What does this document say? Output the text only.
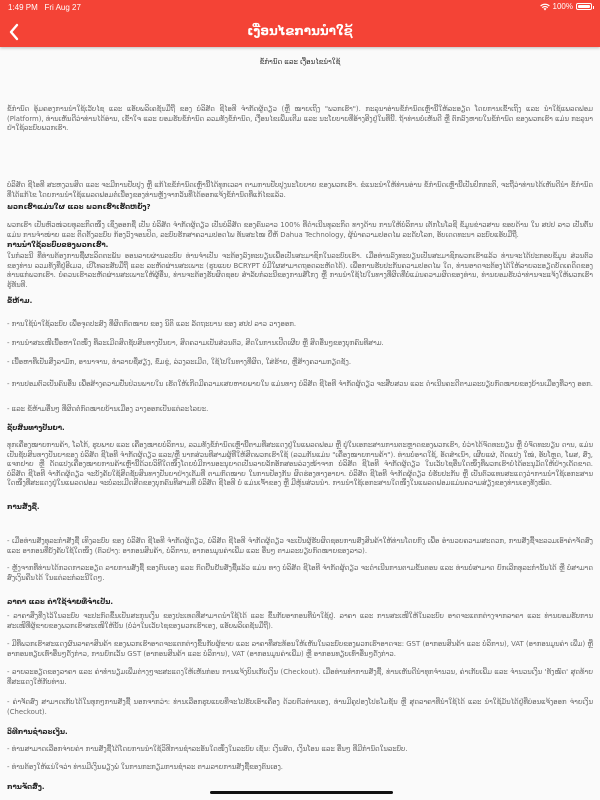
1:49 PM Fri Aug 27	100%
ເງື່ອນໄຂການນຳໃຊ້
ຂໍ້ກຳນົດ ແລະ ເງື່ອນໄຂນຳໃຊ້

ຂໍ້ກຳນົດ ອຸ້ມຄອງການນຳໃຊ້ເວັບໄຊ ແລະ ແອັບພລິເຄຊັນມືຖື ຂອງ ບໍລິສັດ ຊີໄອທີ ຈຳກັດຜູ້ດຽວ (ຫຼື ໝາຍເຖິງ "ພວກເຮົາ"). ກະລຸນາອ່ານຂໍ້ກຳນົດເຫຼົ່ານີ້ໃຫ້ລະອຽດ ໂດຍການເຂົ້າເຖິງ ແລະ ນຳໃຊ້ແພລດຟອມ (Platform), ທ່ານເຫັນດີວ່າທ່ານໄດ້ອ່ານ, ເຂົ້າໃຈ ແລະ ຍອມຮັບຂໍ້ກຳນົດ ລວມທັງຂໍ້ກຳນົດ, ເງື່ອນໄຂເພີ່ມເຕີມ ແລະ ນະໂຍບາຍທີ່ອ້າງອີງຢູ່ໃນທີ່ນີ້. ຖ້າທ່ານບໍ່ເຫັນດີ ຫຼື ຕົກລົງຫາຍໃນຂໍ້ກຳນົດ ຂອງພວກເຮົາ ແມ່ນ ກະລຸນາຢ່າໃຊ້ລະບົບພວກເຮົາ.

ບໍລິສັດ ຊີໄອທີ ສະຫງວນສິດ ແລະ ຈະມີການປັບປຸງ ຫຼື ແກ້ໄຂຂໍ້ກຳນົດເຫຼົ່ານີ້ໄດ້ທຸກເວລາ ຕາມການປັບປຸງນະໂຍບາຍ ຂອງພວກເຮົາ. ຂໍແນະນຳໃຫ້ທ່ານອ່ານ ຂໍ້ກຳນົດເຫຼົ່ານີ້ເປັນປົກກະຕິ, ຈະຖືວ່າທ່ານໄດ້ເຫັນດີນຳ ຂໍ້ກຳນົດທີ່ໄດ້ແກ້ໄຂ ໂດຍການນຳໃຊ້ແພລດຟອມຕໍ່ເນື່ອງຂອງທ່ານຫຼັງຈາກວັນທີ່ໄດ້ອອກແຈ້ງຂໍ້ກຳນົດທີ່ແກ້ໄຂແລ້ວ.

ພວກເຮົາແມ່ນໃຜ ແລະ ພວກເຮົາເຮັດຫຍັງ?

ພວກເຮົາ ເປັນຫົວໜ່ວຍທຸລະກິດໜຶ່ງ ເຊິ່ງອອກຊື່ ເປັນ ບໍລິສັດ ຈຳກັດຜູ້ດຽວ ເປັນບໍລິສັດ ຂອງຄົນລາວ 100% ທີ່ດຳເນີນທຸລະກິດ ທາງດ້ານ ການໃຫ້ບໍລິການ ເຕັກໂນໂລຊີ ຂໍ້ມູນຂ່າວສານ ຂອບດ້ານ ໃນ ສປປ ລາວ ເປັນຕົ້ນແມ່ນ ການຈຳໜ່າຍ ແລະ ຕິດຕັ້ງລະບົບ ກ້ອງວົງຈອນປິດ, ລະບົບຮັກສາຄວາມປອດໄພ ທັນສະໄໝ ຍີ່ຫໍ້ Dahua Technology, ຜູ້ນຳຄວາມປອດໄພ ລະດັບໂລກ, ອັບເດດທະນາ ລະບົບແອັບມືຖື.

ການນຳໃຊ້ລະບົບຂອງພວກເຮົາ.

ໃນກໍລະນີ ທີ່ທ່ານຕ້ອງການຊື້ຜະລິດຕະພັນ ອອນລາຍຜ່ານລະບົບ ທ່ານຈຳເປັນ ຈະຕ້ອງລົງທະບຽນເພື່ອເປັນສະມາຊິກໃນລະບົບເຮົາ. ເມື່ອທ່ານລົງທະບຽນເປັນສະມາຊິກພວກເຮົາແລ້ວ ທ່ານຈະໄດ້ປະກອບຂໍ້ມູນ ສ່ວນຕົວຂອງທ່ານ ລວມທັງທີ່ຢູ່ອີເມວ, ເບີໂທລະສັບມືຖື ແລະ ລະຫັດຜ່ານສະເພາະ (ຮູບແບບ BCRYPT ບໍ່ມີໃຜສາມາດຖອດລະຫັດໄດ້). ເພື່ອການຮັບປະກັນຄວາມປອດໄພ ໃດ, ທ່ານອາດຈະຕ້ອງໄດ້ໃຫ້ລາຍລະອຽດບັດເຄດິດຂອງທ່ານແກ່ພວກເຮົາ. ບໍ່ຄວນເຮົາລະຫັດຜ່ານສະເພາະໃຫ້ຜູ້ອື່ນ, ທ່ານຈະຕ້ອງຮັບຜິດຊອບ ສຳລັບກໍລະນີຂອງການສໍ້ໂກງ ຫຼື ການນຳໃຊ້ໄປໃນທາງທີ່ຜິດທີ່ບໍ່ແມ່ນຄວາມຜິດຂອງທ່ານ, ທ່ານຍອມຮັບວ່າທ່ານຈະແຈ້ງໃຫ້ພວກເຮົາຮູ້ທັນທີ.

ຂໍ້ຫ້າມ.

- ການໃຊ້ນຳໃຊ້ລະບົບ ເພື່ອຈຸດປະສົງ ທີ່ຜິດກົດໝາຍ ຂອງ ນິຕິ ແລະ ລັດຖະບານ ຂອງ ສປປ ລາວ ວາງອອກ.

- ການນຳສະເໜີເນື້ອຫາໃດໜຶ່ງ ທີ່ລະເມີດສິດຊັບສິນທາງປັນຍາ, ສິດຄວາມເປັນສ່ວນຕົວ, ສິດໃນການເປີດເຜີຍ ຫຼື ສິດອື່ນໆຂອງບຸກຄົນທີສາມ.

- ເນື້ອຫາທີ່ເປັນສິ່ງລາມົກ, ອານາຈານ, ທຳລາຍຊື່ສຽງ, ຂົ່ມຂູ່, ລ່ວງລະເມີດ, ໃຊ້ໄປໃນທາງທີ່ຜິດ, ໃສ່ຮ້າຍ, ຫຼືສ້າງຄວາມກຽດຊັງ.

- ການປອມຕົວເປັນຄົນອື່ນ ເພື່ອສ້າງຄວາມປັ່ນປ່ວນພາຍໃນ ເຮັດໃຫ້ເກີດມີຄວາມເສຍຫາຍພາຍໃນ ແມ່ນທາງ ບໍລິສັດ ຊີໄອທີ ຈຳກັດຜູ້ດຽວ ຈະສືບສວນ ແລະ ດຳເນີນຄະດີຕາມລະບຽບກົດໝາຍຂອງບ້ານເມືອງທີ່ວາງ ອອກ.

- ແລະ ຂໍ້ຫ້າມອື່ນໆ ທີ່ຜິດຕໍ່ກົດໝາຍບ້ານເມືອງ ວາງອອກເປັນແຕ່ລະໄລຍະ.

ຊັບສິນທາງປັນຍາ.

ທຸກເຄື່ອງໝາຍການຄ້າ, ໂລໂກ້, ຮູບພາບ ແລະ ເຄື່ອງໝາຍບໍລິການ, ລວມທັງຂໍ້ກຳນົດເຫຼົ່ານີ້ຕາມທີ່ສະແດງຢູ່ໃນແພລດຟອມ ຫຼື ຢູ່ໃນເອກະສານການຕະຫຼາດຂອງພວກເຮົາ, ບໍ່ວ່າໄດ້ຈົດທະບຽນ ຫຼື ບໍ່ຈົດທະບຽນ ດານ, ແມ່ນເປັນຊັບສິນທາງປັນຍາຂອງ ບໍລິສັດ ຊີໄອທີ ຈຳກັດຜູ້ດຽວ ແລະ/ຫຼື ນາກສ່ວນທີສາມຜູ້ທີ່ໃຫ້ສິດພວກເຮົາໃຊ້ (ລວມກັນແມ່ນ "ເຄື່ອງໝາຍການຄ້າ"). ທ່ານບໍ່ອາດໃຊ້, ອັດສຳເນົາ, ເຜີຍແຜ່, ດັດແປງ ໃໝ່, ອັບໂຫຼດ, ໂພສ, ສົ່ງ, ແຈກຢາຍ ຫຼື ດັດແປງເຄື່ອງໝາຍການຄ້າເຫຼົ່ານີ້ດ້ວຍວິທີໃດໜຶ່ງໂດຍບໍ່ມີການອະນຸຍາດເປັນລາຍລັກອັກສອນລ່ວງໜ້າຈາກ ບໍລິສັດ ຊີໄອທີ ຈຳກັດຜູ້ດຽວ ໃນເວັບໄຊອື່ນໃດໜຶ່ງທີ່ພວກເຮົາບໍ່ໄດ້ອະນຸມັດໃຫ້ຢ່າງເດັດຂາດ. ບໍລິສັດ ຊີໄອທີ ຈຳກັດຜູ້ດຽວ ຈະບັງຄັບໃຊ້ສິດຊັບສິນທາງປັນຍາຢ່າງເຕັມທີ່ ຕາມກົດໝາຍ ໃນການປ້ອງກັນ ຜິດຮ່ອງທາງອາຍາ. ບໍລິສັດ ຊີໄອທີ ຈຳກັດຜູ້ດຽວ ບໍ່ຮັບປະກັນ ຫຼື ເປັນຕົວແທນສະແດງວ່າການນຳໃຊ້ເອກະສານໃດໜຶ່ງທີ່ສະແດງຢູ່ໃນແພລດຟອມ ຈະບໍ່ລະເມີດສິດຂອງບຸກຄົນທີສາມທີ່ ບໍລິສັດ ຊີໄອທີ ບໍ່ ແມ່ນເຈົ້າຂອງ ຫຼື ມີຫຸ້ນສ່ວນນຳ. ການນຳໃຊ້ເອກະສານໃດໜຶ່ງໃນແພລດຟອມແມ່ນຄວາມສ່ຽງຂອງທ່ານເອງທັງໝົດ.

ການສັ່ງຊື້.

- ເມື່ອທ່ານສັ່ງທຸລະກຳສັ່ງຊື້ ເທິງລະບົບ ຂອງ ບໍລິສັດ ຊີໄອທີ ຈຳກັດຜູ້ດຽວ, ບໍລິສັດ ຊີໄອທີ ຈຳກັດຜູ້ດຽວ ຈະເປັນຜູ້ຮັບຜິດຊອບການສົ່ງສິນຄ້າໃຫ້ທ່ານໂດຍກົງ ເພື່ອ ອຳນວຍຄວາມສະດວກ, ການສັ່ງຊື້ຈະລວມເອົາຄ່າຈັດສົ່ງ ແລະ ອາກອນທີ່ບັງຄັບໃຊ້ໃດໜຶ່ງ (ຕົວຢ່າງ: ອາກອນສິນຄ້າ, ບໍລິການ, ອາກອນມູນຄ່າເພີ່ມ ແລະ ອື່ນໆ ຕາມລະບຽບກົດໝາຍຂອງລາວ).

- ຫຼັງຈາກທີ່ທ່ານໄດ້ກວດກາລະອຽດ ລາຍການສັ່ງຊື້ ຂອງຕົນເອງ ແລະ ກົດຢືນຢັນສັ່ງຊື້ແລ້ວ ແມ່ນ ທາງ ບໍລິສັດ ຊີໄອທີ ຈຳກັດຜູ້ດຽວ ຈະດຳເນີນການຕາມຂັ້ນຕອນ ແລະ ທ່ານບໍ່ສາມາດ ຍົກເລີກທຸລະກຳນັ້ນໄດ້ ຫຼື ບໍ່ສາມາດສົ່ງເງິນຄືນໄດ້ ໃນແຕ່ລະກໍລະນີໃດໆ.

ລາຄາ ແລະ ຄ່າໃຊ້ຈ່າຍທີ່ຈຳເປັນ.

- ລາຄາສິ່ງທີ່ງໄວ້ໃນລະບົບ ຈະປະກົດຂຶ້ນເປັນສະກຸນເງິນ ຂອງປະເທດທີ່ສາມາດນຳໃຊ້ໄດ້ ແລະ ຂຶ້ນກັບອາກອນທີ່ນຳໃຊ້ຢູ່. ລາຄາ ແລະ ການສະເໜີໃຫ້ໃນລະບົບ ອາດຈະແຕກຕ່າງຈາກລາຄາ ແລະ ທ່ານຍອມຮັບການ ສະເໜີທີ່ຜູ້ຂາຍຂອງພວກເຮົາສະເໜີໃຫ້ນັ້ນ (ບໍ່ວ່າໃນເວັບໄຊຂອງພວກເຮົາເອງ, ແອັບພລິເຄຊັນມືຖື).

- ມີທີ່ພວກເຮົາສະແດງຜົນລາຄາສິນຄ້າ ຂອງພວກເຮົາອາດຈະແຕກຕ່າງຂຶ້ນກັບຜູ້ຂາຍ ແລະ ລາຄາທີ່ສະທ້ອນໃຫ້ເຫັນໃນລະບົບຂອງພວກເຮົາອາດຈະ: GST (ອາກອນສິນຄ້າ ແລະ ບໍລິການ), VAT (ອາກອນມູນຄ່າ ເພີ່ມ) ຫຼື ອາກອນທຽບເທົ່າອື່ນໆດັ່ງກ່າວ, ການຍົກເວັ້ນ GST (ອາກອນສິນຄ້າ ແລະ ບໍລິການ), VAT (ອາກອນມູນຄ່າເພີ່ມ) ຫຼື ອາກອນທຽບເທົ່າອື່ນໆດັ່ງກ່າວ.

- ລາຍລະອຽດຂອງລາຄາ ແລະ ຄ່າທຳນຽມເພີ່ມຕ່າງໆຈະສະແດງໃຫ້ເຫັນກ່ອນ ການແຈ້ງບິນເກັບເງິນ (Checkout). ເມື່ອທ່ານທຳການສັ່ງຊື້, ທ່ານເຫັນດີນຳທຸກຈຳນວນ, ຄ່າເກັບເພີ່ມ ແລະ ຈຳນວນເງິນ 'ທັງໝົດ' ສຸດທ້າຍ ທີ່ສະແດງໃຫ້ກັບທ່ານ.

- ຄ່າຈັດສົ່ງ ສາມາດເກັບໄດ້ໃນທຸກໆການສັ່ງຊື້ ນອກຈາກວ່າ: ທ່ານເລືອກຮູບແບບທີ່ຈະໄປຮັບເອົາເຄື່ອງ ດ້ວຍຕົວທ່ານເອງ, ທ່ານມີຄູປອງໂປຣໂມຊັນ ຫຼື ສຸດລາຄາທີ່ນຳໃຊ້ໄດ້ ແລະ ນຳໃຊ້ມັນໄດ້ຢູ່ທີ່ບ່ອນແຈ້ງອອກ ຈ່າຍເງິນ (Checkout).

ວິທີການຊຳລະເງິນ.

- ທ່ານສາມາດເລືອກຈ່າຍຄ່າ ການສັ່ງຊື້ໄດ້ໂດຍການນຳໃຊ້ວິທີການຊຳລະອັນໃດໜຶ່ງໃນລະບົບ ເຊັ່ນ: ເງິນສົດ, ເງິນໂອນ ແລະ ອື່ນໆ ທີ່ມີກຳນົດໃນລະບົບ.

- ທ່ານຕ້ອງໃຫ້ແນ່ໃຈວ່າ ທ່ານມີເງິນພຽງພໍ ໃນການກະກຽມການຊຳລະ ຕາມລາຍການສັ່ງຊື້ຂອງຕົນເອງ.

ການຈັດສົ່ງ.
